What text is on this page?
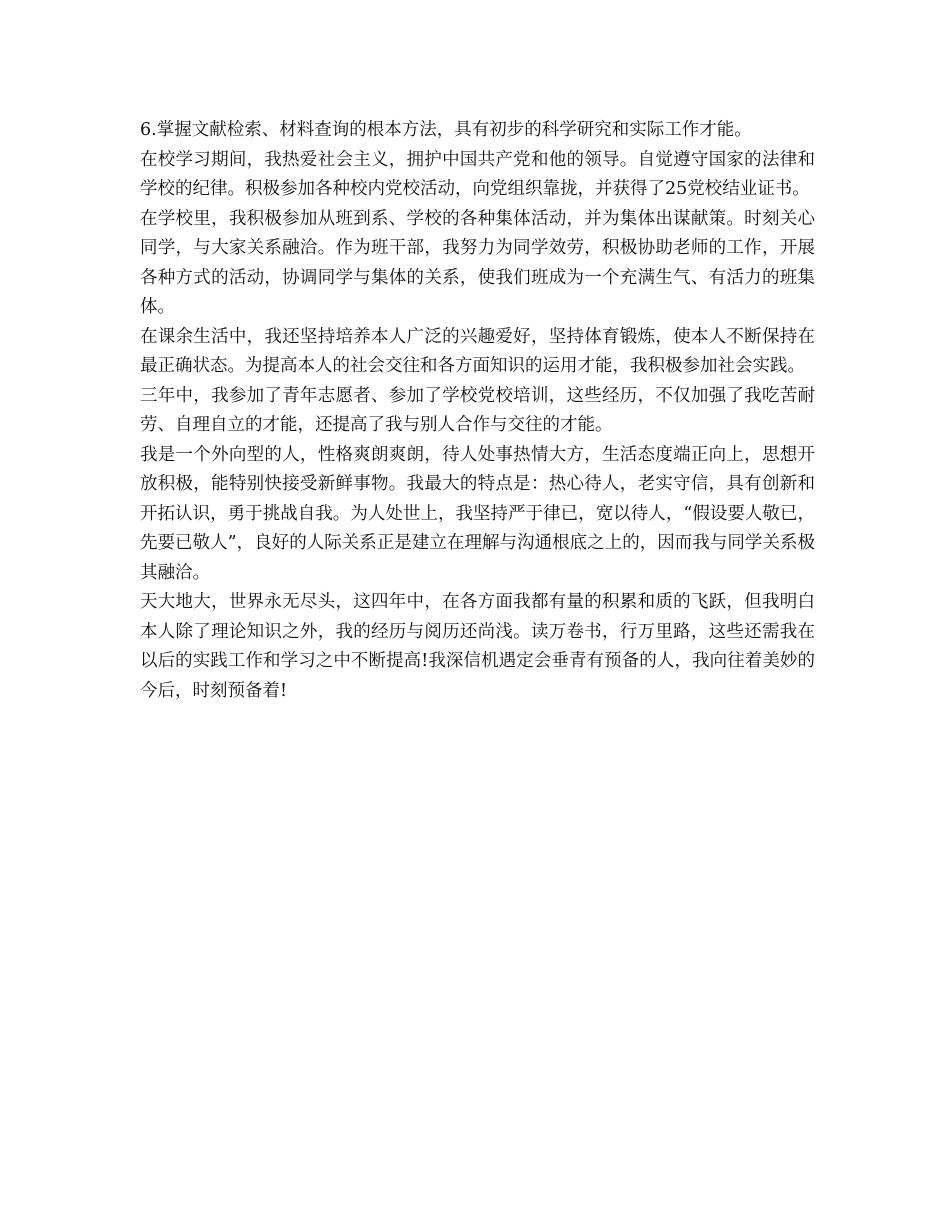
6.掌握文献检索、材料查询的根本方法，具有初步的科学研究和实际工作才能。

在校学习期间，我热爱社会主义，拥护中国共产党和他的领导。自觉遵守国家的法律和学校的纪律。积极参加各种校内党校活动，向党组织靠拢，并获得了25党校结业证书。

在学校里，我积极参加从班到系、学校的各种集体活动，并为集体出谋献策。时刻关心同学，与大家关系融洽。作为班干部，我努力为同学效劳，积极协助老师的工作，开展各种方式的活动，协调同学与集体的关系，使我们班成为一个充满生气、有活力的班集体。

在课余生活中，我还坚持培养本人广泛的兴趣爱好，坚持体育锻炼，使本人不断保持在最正确状态。为提高本人的社会交往和各方面知识的运用才能，我积极参加社会实践。

三年中，我参加了青年志愿者、参加了学校党校培训，这些经历，不仅加强了我吃苦耐劳、自理自立的才能，还提高了我与别人合作与交往的才能。

我是一个外向型的人，性格爽朗爽朗，待人处事热情大方，生活态度端正向上，思想开放积极，能特别快接受新鲜事物。我最大的特点是：热心待人，老实守信，具有创新和开拓认识，勇于挑战自我。为人处世上，我坚持严于律已，宽以待人，“假设要人敬已，先要已敬人”，良好的人际关系正是建立在理解与沟通根底之上的，因而我与同学关系极其融洽。

天大地大，世界永无尽头，这四年中，在各方面我都有量的积累和质的飞跃，但我明白本人除了理论知识之外，我的经历与阅历还尚浅。读万卷书，行万里路，这些还需我在以后的实践工作和学习之中不断提高!我深信机遇定会垂青有预备的人，我向往着美妙的今后，时刻预备着!
